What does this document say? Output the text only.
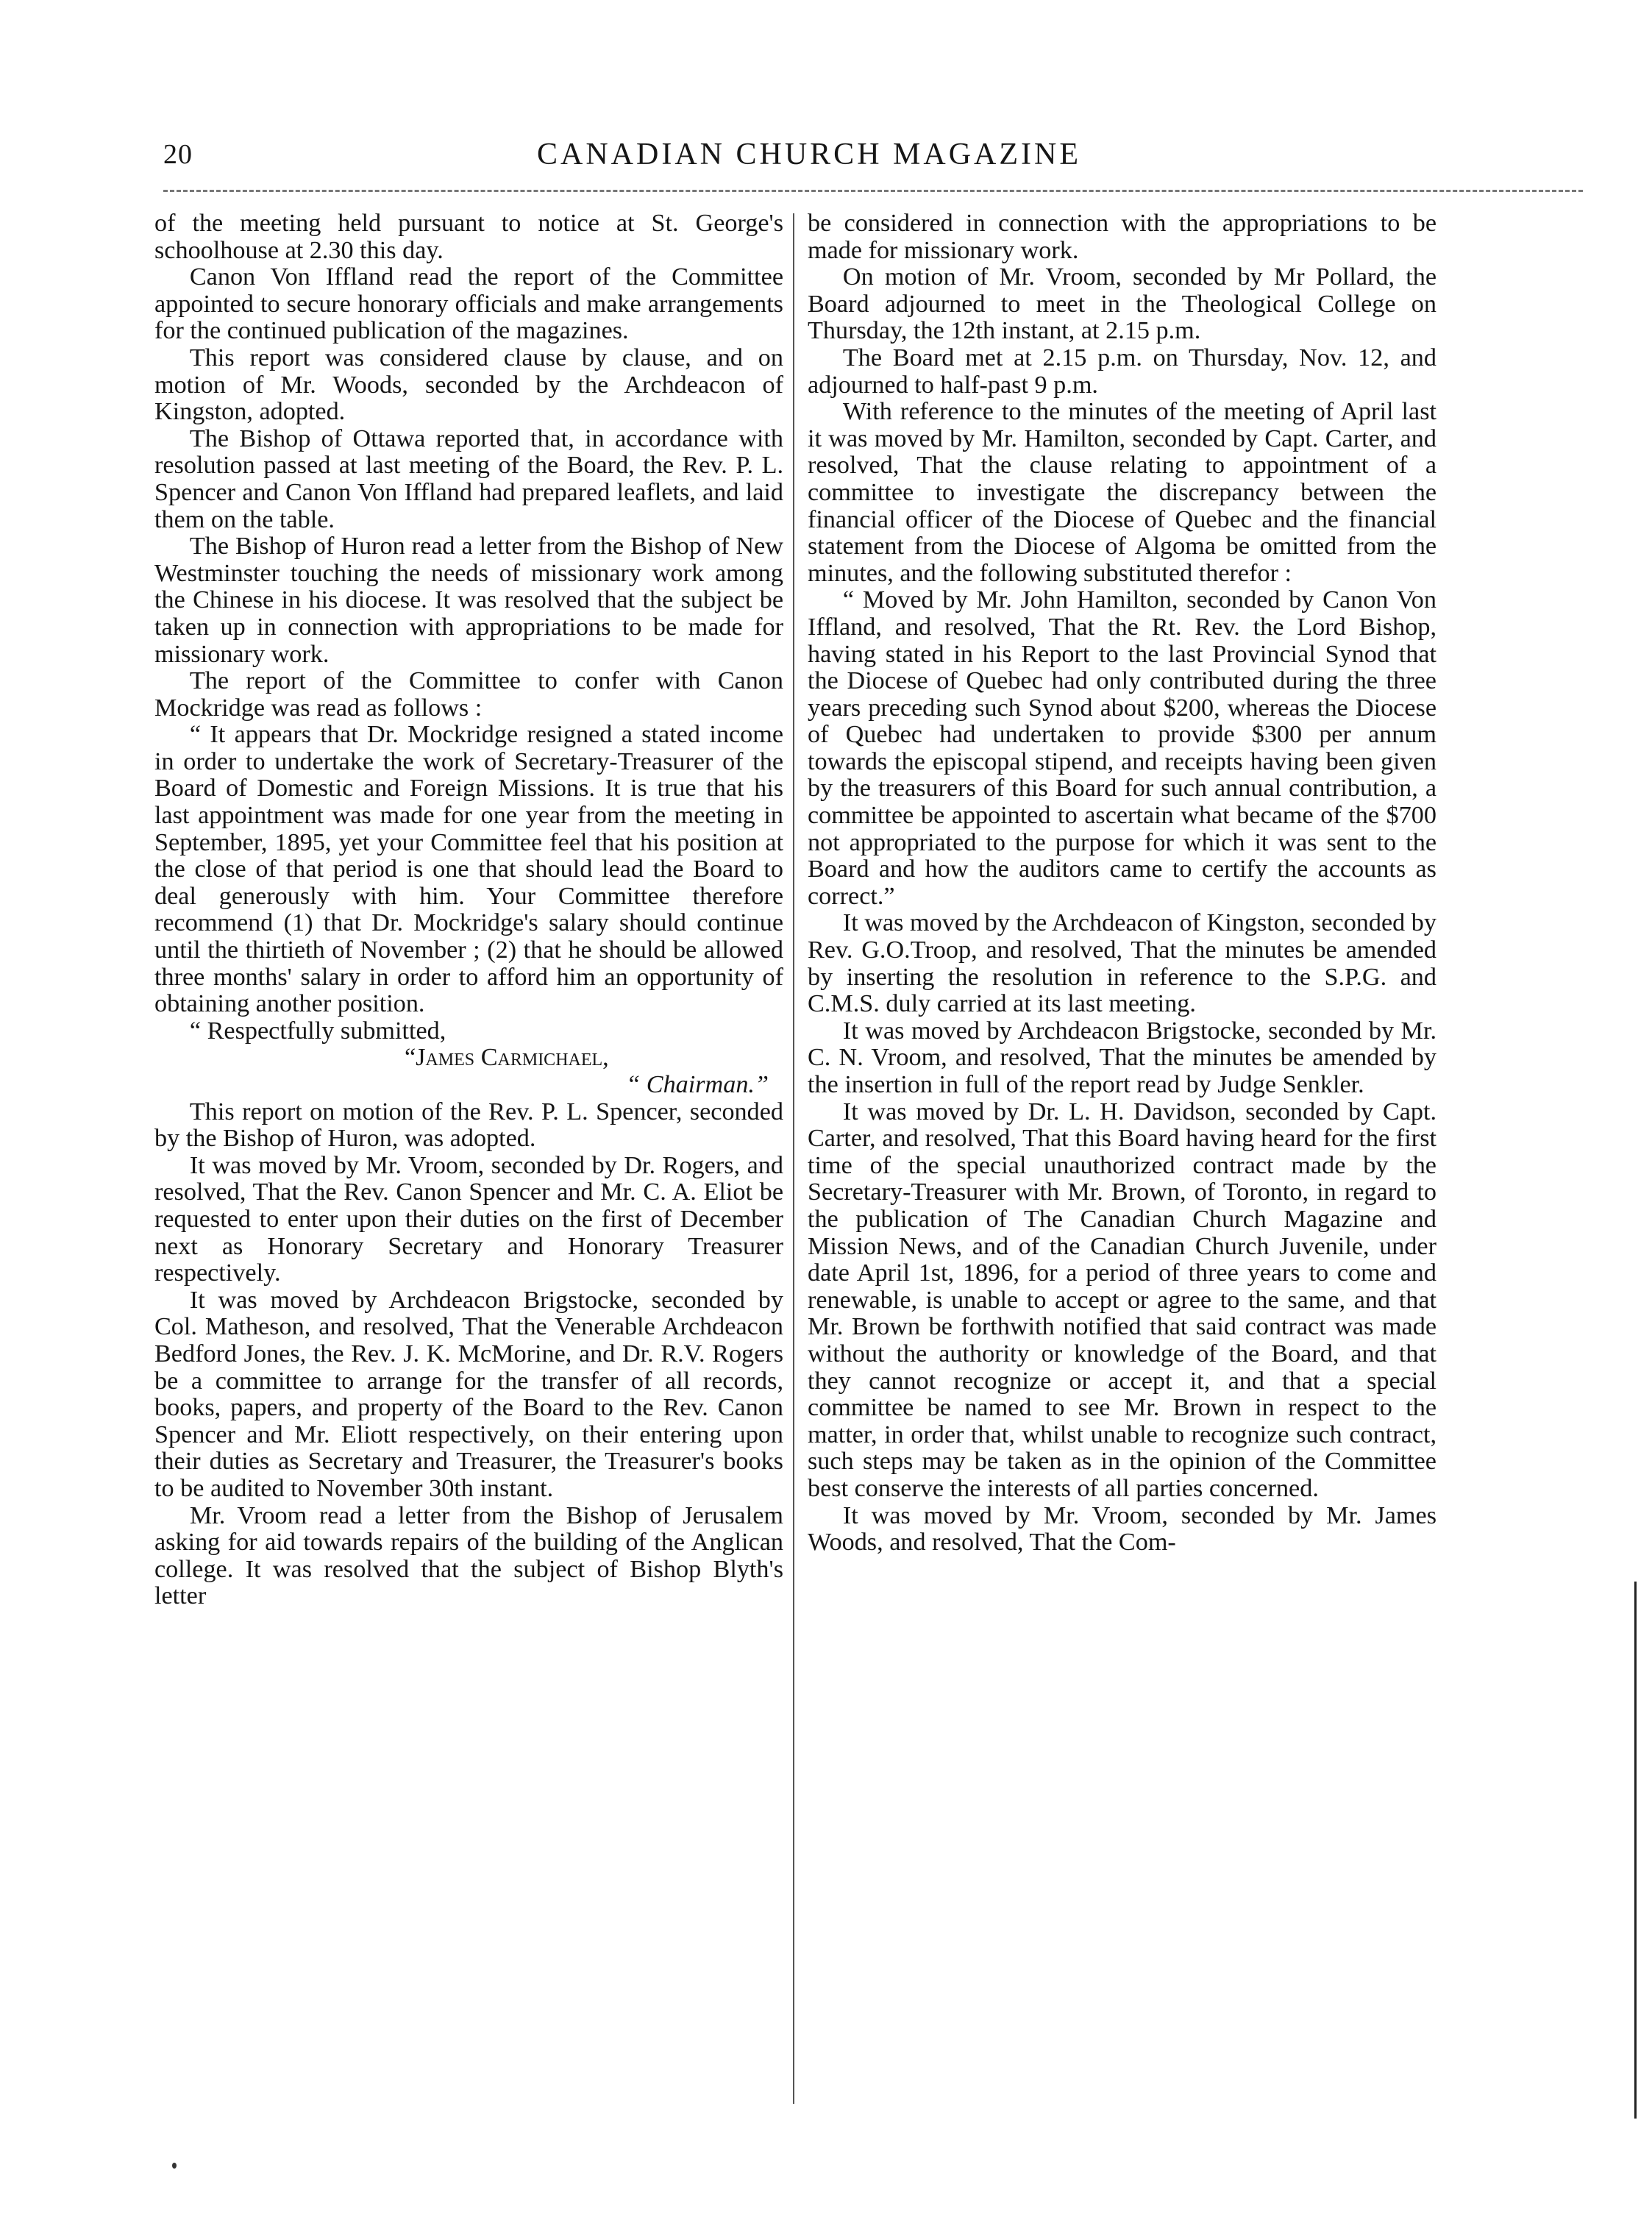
20	CANADIAN CHURCH MAGAZINE

of the meeting held pursuant to notice at St. George's schoolhouse at 2.30 this day.

Canon Von Iffland read the report of the Committee appointed to secure honorary officials and make arrangements for the continued publication of the magazines.

This report was considered clause by clause, and on motion of Mr. Woods, seconded by the Archdeacon of Kingston, adopted.

The Bishop of Ottawa reported that, in accordance with resolution passed at last meeting of the Board, the Rev. P. L. Spencer and Canon Von Iffland had prepared leaflets, and laid them on the table.

The Bishop of Huron read a letter from the Bishop of New Westminster touching the needs of missionary work among the Chinese in his diocese. It was resolved that the subject be taken up in connection with appropriations to be made for missionary work.

The report of the Committee to confer with Canon Mockridge was read as follows :

“ It appears that Dr. Mockridge resigned a stated income in order to undertake the work of Secretary-Treasurer of the Board of Domestic and Foreign Missions. It is true that his last appointment was made for one year from the meeting in September, 1895, yet your Committee feel that his position at the close of that period is one that should lead the Board to deal generously with him. Your Committee therefore recommend (1) that Dr. Mockridge's salary should continue until the thirtieth of November ; (2) that he should be allowed three months' salary in order to afford him an opportunity of obtaining another position.

“ Respectfully submitted,

“James Carmichael,

“ Chairman.”

This report on motion of the Rev. P. L. Spencer, seconded by the Bishop of Huron, was adopted.

It was moved by Mr. Vroom, seconded by Dr. Rogers, and resolved, That the Rev. Canon Spencer and Mr. C. A. Eliot be requested to enter upon their duties on the first of December next as Honorary Secretary and Honorary Treasurer respectively.

It was moved by Archdeacon Brigstocke, seconded by Col. Matheson, and resolved, That the Venerable Archdeacon Bedford Jones, the Rev. J. K. McMorine, and Dr. R.V. Rogers be a committee to arrange for the transfer of all records, books, papers, and property of the Board to the Rev. Canon Spencer and Mr. Eliott respectively, on their entering upon their duties as Secretary and Treasurer, the Treasurer's books to be audited to November 30th instant.

Mr. Vroom read a letter from the Bishop of Jerusalem asking for aid towards repairs of the building of the Anglican college. It was resolved that the subject of Bishop Blyth's letter

be considered in connection with the appropriations to be made for missionary work.

On motion of Mr. Vroom, seconded by Mr Pollard, the Board adjourned to meet in the Theological College on Thursday, the 12th instant, at 2.15 p.m.

The Board met at 2.15 p.m. on Thursday, Nov. 12, and adjourned to half-past 9 p.m.

With reference to the minutes of the meeting of April last it was moved by Mr. Hamilton, seconded by Capt. Carter, and resolved, That the clause relating to appointment of a committee to investigate the discrepancy between the financial officer of the Diocese of Quebec and the financial statement from the Diocese of Algoma be omitted from the minutes, and the following substituted therefor :

“ Moved by Mr. John Hamilton, seconded by Canon Von Iffland, and resolved, That the Rt. Rev. the Lord Bishop, having stated in his Report to the last Provincial Synod that the Diocese of Quebec had only contributed during the three years preceding such Synod about $200, whereas the Diocese of Quebec had undertaken to provide $300 per annum towards the episcopal stipend, and receipts having been given by the treasurers of this Board for such annual contribution, a committee be appointed to ascertain what became of the $700 not appropriated to the purpose for which it was sent to the Board and how the auditors came to certify the accounts as correct.”

It was moved by the Archdeacon of Kingston, seconded by Rev. G.O.Troop, and resolved, That the minutes be amended by inserting the resolution in reference to the S.P.G. and C.M.S. duly carried at its last meeting.

It was moved by Archdeacon Brigstocke, seconded by Mr. C. N. Vroom, and resolved, That the minutes be amended by the insertion in full of the report read by Judge Senkler.

It was moved by Dr. L. H. Davidson, seconded by Capt. Carter, and resolved, That this Board having heard for the first time of the special unauthorized contract made by the Secretary-Treasurer with Mr. Brown, of Toronto, in regard to the publication of The Canadian Church Magazine and Mission News, and of the Canadian Church Juvenile, under date April 1st, 1896, for a period of three years to come and renewable, is unable to accept or agree to the same, and that Mr. Brown be forthwith notified that said contract was made without the authority or knowledge of the Board, and that they cannot recognize or accept it, and that a special committee be named to see Mr. Brown in respect to the matter, in order that, whilst unable to recognize such contract, such steps may be taken as in the opinion of the Committee best conserve the interests of all parties concerned.

It was moved by Mr. Vroom, seconded by Mr. James Woods, and resolved, That the Com-
